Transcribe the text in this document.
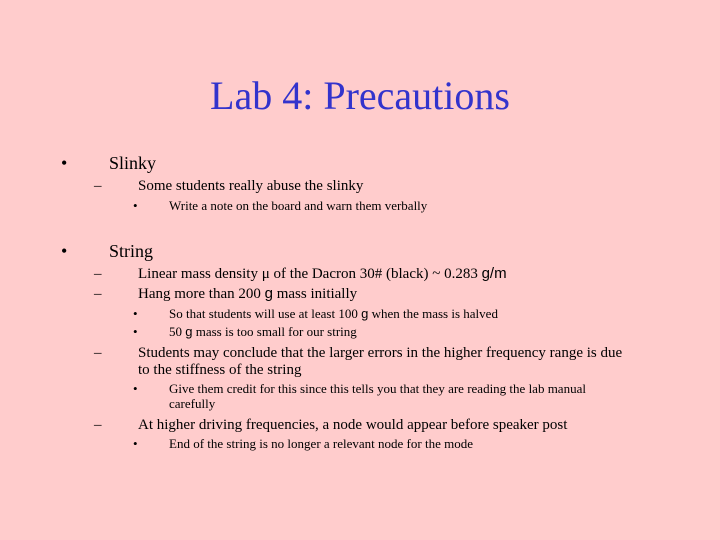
Lab 4: Precautions
• Slinky
– Some students really abuse the slinky
• Write a note on the board and warn them verbally
• String
– Linear mass density μ of the Dacron 30# (black) ~ 0.283 g/m
– Hang more than 200 g mass initially
• So that students will use at least 100 g when the mass is halved
• 50 g mass is too small for our string
– Students may conclude that the larger errors in the higher frequency range is due
to the stiffness of the string
• Give them credit for this since this tells you that they are reading the lab manual
carefully
– At higher driving frequencies, a node would appear before speaker post
• End of the string is no longer a relevant node for the mode
